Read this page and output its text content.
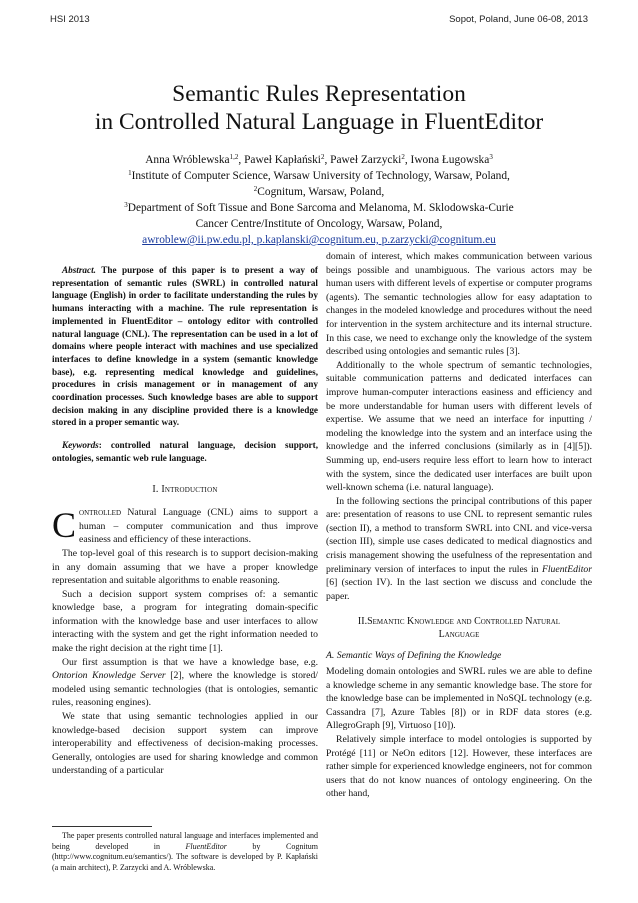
HSI 2013	Sopot, Poland, June 06-08, 2013
Semantic Rules Representation
in Controlled Natural Language in FluentEditor
Anna Wróblewska$^{1,2}$, Paweł Kapłański$^2$, Paweł Zarzycki$^2$, Iwona Ługowska$^3$
$^1$Institute of Computer Science, Warsaw University of Technology, Warsaw, Poland,
$^2$Cognitum, Warsaw, Poland,
$^3$Department of Soft Tissue and Bone Sarcoma and Melanoma, M. Sklodowska-Curie
Cancer Centre/Institute of Oncology, Warsaw, Poland,
awroblew@ii.pw.edu.pl, p.kaplanski@cognitum.eu, p.zarzycki@cognitum.eu

Abstract. The purpose of this paper is to present a way of representation of semantic rules (SWRL) in controlled natural language (English) in order to facilitate understanding the rules by humans interacting with a machine. The rule representation is implemented in FluentEditor – ontology editor with controlled natural language (CNL). The representation can be used in a lot of domains where people interact with machines and use specialized interfaces to define knowledge in a system (semantic knowledge base), e.g. representing medical knowledge and guidelines, procedures in crisis management or in management of any coordination processes. Such knowledge bases are able to support decision making in any discipline provided there is a knowledge stored in a proper semantic way.

Keywords: controlled natural language, decision support, ontologies, semantic web rule language.

I. Introduction

Controlled Natural Language (CNL) aims to support a human – computer communication and thus improve easiness and efficiency of these interactions.

The top-level goal of this research is to support decision-making in any domain assuming that we have a proper knowledge representation and suitable algorithms to enable reasoning.

Such a decision support system comprises of: a semantic knowledge base, a program for integrating domain-specific information with the knowledge base and user interfaces to allow interacting with the system and get the right information needed to make the right decision at the right time [1].

Our first assumption is that we have a knowledge base, e.g. Ontorion Knowledge Server [2], where the knowledge is stored/ modeled using semantic technologies (that is ontologies, semantic rules, reasoning engines).

We state that using semantic technologies applied in our knowledge-based decision support system can improve interoperability and effectiveness of decision-making processes. Generally, ontologies are used for sharing knowledge and common understanding of a particular

The paper presents controlled natural language and interfaces implemented and being developed in FluentEditor by Cognitum (http://www.cognitum.eu/semantics/). The software is developed by P. Kapłański (a main architect), P. Zarzycki and A. Wróblewska.

domain of interest, which makes communication between various beings possible and unambiguous. The various actors may be human users with different levels of expertise or computer programs (agents). The semantic technologies allow for easy adaptation to changes in the modeled knowledge and procedures without the need for intervention in the system architecture and its internal structure. In this case, we need to exchange only the knowledge of the system described using ontologies and semantic rules [3].

Additionally to the whole spectrum of semantic technologies, suitable communication patterns and dedicated interfaces can improve human-computer interactions easiness and efficiency and be more understandable for human users with different levels of expertise. We assume that we need an interface for inputting / modeling the knowledge into the system and an interface using the knowledge and the inferred conclusions (similarly as in [4][5]). Summing up, end-users require less effort to learn how to interact with the system, since the dedicated user interfaces are built upon well-known schema (i.e. natural language).

In the following sections the principal contributions of this paper are: presentation of reasons to use CNL to represent semantic rules (section II), a method to transform SWRL into CNL and vice-versa (section III), simple use cases dedicated to medical diagnostics and crisis management showing the usefulness of the representation and preliminary version of interfaces to input the rules in FluentEditor [6] (section IV). In the last section we discuss and conclude the paper.

II.Semantic Knowledge and Controlled Natural
Language

A. Semantic Ways of Defining the Knowledge

Modeling domain ontologies and SWRL rules we are able to define a knowledge scheme in any semantic knowledge base. The store for the knowledge base can be implemented in NoSQL technology (e.g. Cassandra [7], Azure Tables [8]) or in RDF data stores (e.g. AllegroGraph [9], Virtuoso [10]).

Relatively simple interface to model ontologies is supported by Protégé [11] or NeOn editors [12]. However, these interfaces are rather simple for experienced knowledge engineers, not for common users that do not know nuances of ontology engineering. On the other hand,
